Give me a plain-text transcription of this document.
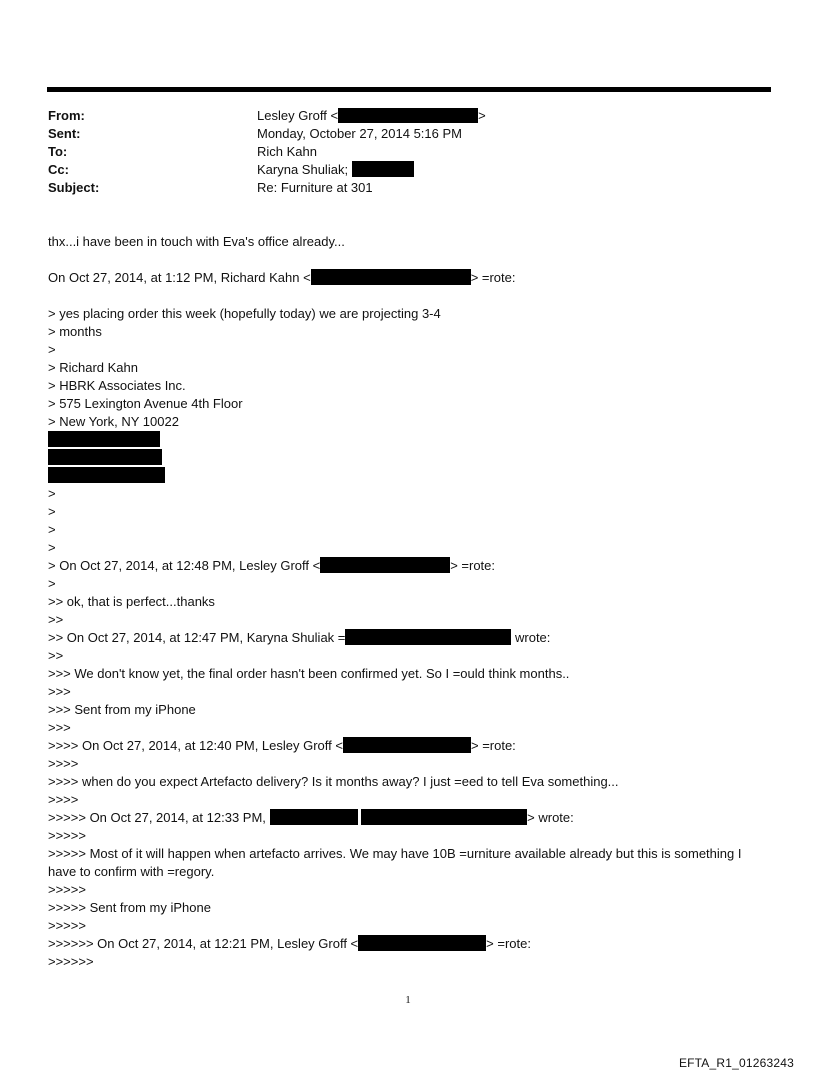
From:	Lesley Groff <	>
Sent:	Monday, October 27, 2014 5:16 PM
To:	Rich Kahn
Cc:	Karyna Shuliak;
Subject:	Re: Furniture at 301
thx...i have been in touch with Eva's office already...
On Oct 27, 2014, at 1:12 PM, Richard Kahn <	> =rote:
> yes placing order this week (hopefully today) we are projecting 3-4
> months
>
> Richard Kahn
> HBRK Associates Inc.
> 575 Lexington Avenue 4th Floor
> New York, NY 10022
>
>
>
>
> On Oct 27, 2014, at 12:48 PM, Lesley Groff <	> =rote:
>
>> ok, that is perfect...thanks
>>
>> On Oct 27, 2014, at 12:47 PM, Karyna Shuliak =	wrote:
>>
>>> We don't know yet, the final order hasn't been confirmed yet. So I =ould think months..
>>>
>>> Sent from my iPhone
>>>
>>>> On Oct 27, 2014, at 12:40 PM, Lesley Groff <	> =rote:
>>>>
>>>> when do you expect Artefacto delivery? Is it months away? I just =eed to tell Eva something...
>>>>
>>>>> On Oct 27, 2014, at 12:33 PM,	> wrote:
>>>>>
>>>>> Most of it will happen when artefacto arrives. We may have 10B =urniture available already but this is something I have to confirm with =regory.
>>>>>
>>>>> Sent from my iPhone
>>>>>
>>>>>> On Oct 27, 2014, at 12:21 PM, Lesley Groff <	> =rote:
>>>>>>
1
EFTA_R1_01263243
